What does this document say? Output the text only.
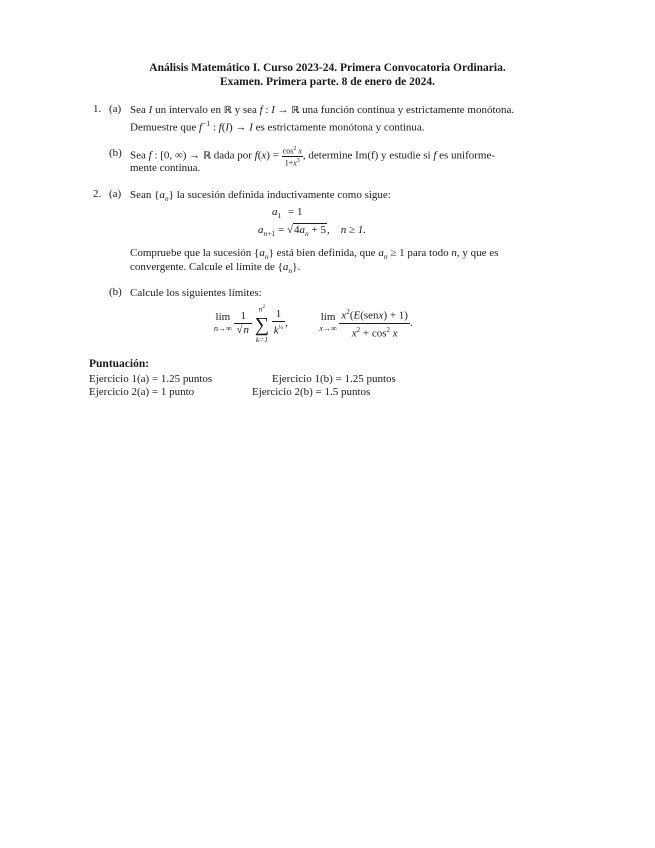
Análisis Matemático I. Curso 2023-24. Primera Convocatoria Ordinaria.
Examen. Primera parte. 8 de enero de 2024.
1. (a) Sea I un intervalo en ℝ y sea f : I → ℝ una función continua y estrictamente monótona.
Demuestre que $f^{-1}$ : f(I) → I es estrictamente monótona y continua.
(b) Sea f : [0, ∞) → ℝ dada por $f(x) = \frac{\cos^2 x}{1+x^3}$ , determine Im(f) y estudie si f es uniforme-
mente continua.
2. (a) Sean $\{a_n\}$ la sucesión definida inductivamente como sigue:
$a_1 = 1$
$a_{n+1} = √4a_n + 5$,    n ≥ 1.
Compruebe que la sucesión $\{a_n\}$ está bien definida, que $a_n \ge 1$ para todo n, y que es
convergente. Calcule el límite de $\{a_n\}$.
(b) Calcule los siguientes límites:
lím
n→∞
$\frac{1}{√n}$

$n^2$
∑
k=1

$\frac{1}{k^{\frac{1}{4}}}$ ,	lím
x→∞

$x^2(E(senx) + 1)$
$x^2 + \cos^2 x$
.
Puntuación:
Ejercicio 1(a) = 1.25 puntos	Ejercicio 1(b) = 1.25 puntos
Ejercicio 2(a) = 1 punto	Ejercicio 2(b) = 1.5 puntos
